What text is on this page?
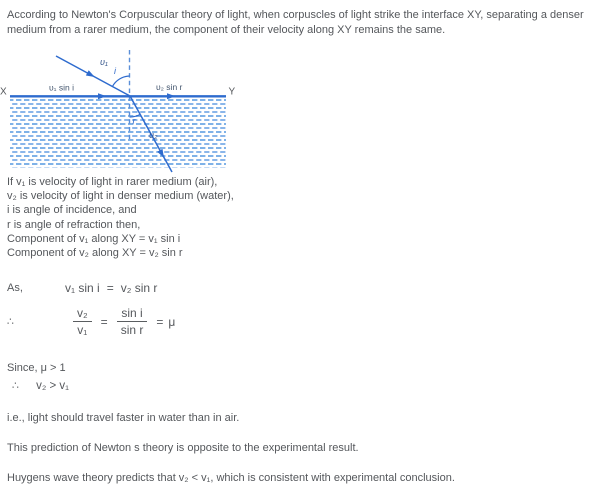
According to Newton's Corpuscular theory of light, when corpuscles of light strike the interface XY, separating a denser medium from a rarer medium, the component of their velocity along XY remains the same.
υ₁
i
X	Y
υ₁ sin i	υ₂ sin r
r
υ₂
If v₁ is velocity of light in rarer medium (air),
v₂ is velocity of light in denser medium (water),
i is angle of incidence, and
r is angle of refraction then,
Component of v₁ along XY = v₁ sin i
Component of v₂ along XY = v₂ sin r
As,	v₁ sin i = v₂ sin r
∴	$\frac{\text{v₂}}{\text{v₁}} = \frac{\text{sin i}}{\text{sin r}} = \mu$
Since, μ > 1
∴ v₂ > v₁
i.e., light should travel faster in water than in air.
This prediction of Newton s theory is opposite to the experimental result.
Huygens wave theory predicts that v₂ < v₁, which is consistent with experimental conclusion.
